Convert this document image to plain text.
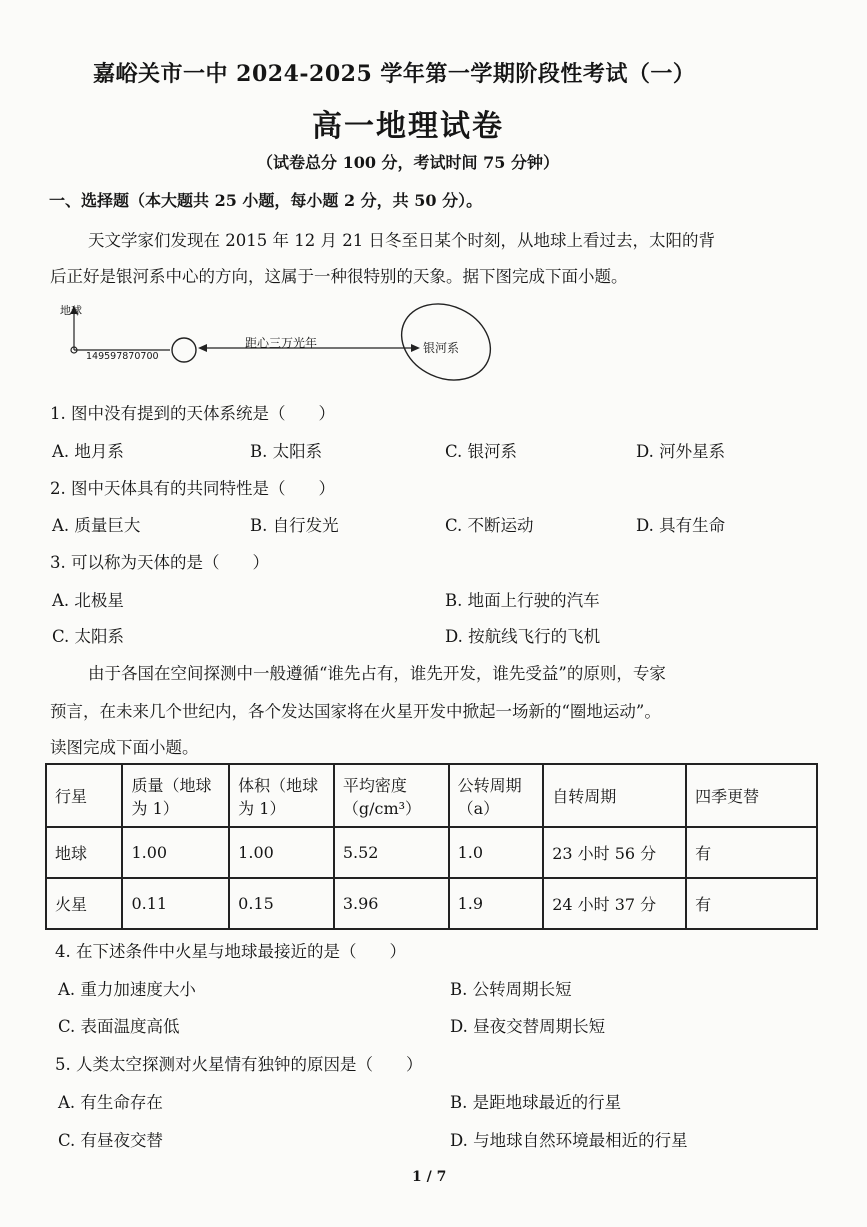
嘉峪关市一中 2024-2025 学年第一学期阶段性考试（一）
高一地理试卷
（试卷总分 100 分，考试时间 75 分钟）
一、选择题（本大题共 25 小题，每小题 2 分，共 50 分）。
天文学家们发现在 2015 年 12 月 21 日冬至日某个时刻，从地球上看过去，太阳的背
后正好是银河系中心的方向，这属于一种很特别的天象。据下图完成下面小题。
地球
149597870700
距心三万光年	银河系
1. 图中没有提到的天体系统是（　　）
A. 地月系	B. 太阳系	C. 银河系	D. 河外星系
2. 图中天体具有的共同特性是（　　）
A. 质量巨大	B. 自行发光	C. 不断运动	D. 具有生命
3. 可以称为天体的是（　　）
A. 北极星	B. 地面上行驶的汽车
C. 太阳系	D. 按航线飞行的飞机
由于各国在空间探测中一般遵循“谁先占有，谁先开发，谁先受益”的原则，专家
预言，在未来几个世纪内，各个发达国家将在火星开发中掀起一场新的“圈地运动”。
读图完成下面小题。
行星	质量（地球为 1）	体积（地球为 1）	平均密度（g/cm³）	公转周期（a）	自转周期	四季更替
地球	1.00	1.00	5.52	1.0	23 小时 56 分	有
火星	0.11	0.15	3.96	1.9	24 小时 37 分	有
4. 在下述条件中火星与地球最接近的是（　　）
A. 重力加速度大小	B. 公转周期长短
C. 表面温度高低	D. 昼夜交替周期长短
5. 人类太空探测对火星情有独钟的原因是（　　）
A. 有生命存在	B. 是距地球最近的行星
C. 有昼夜交替	D. 与地球自然环境最相近的行星
1 / 7
